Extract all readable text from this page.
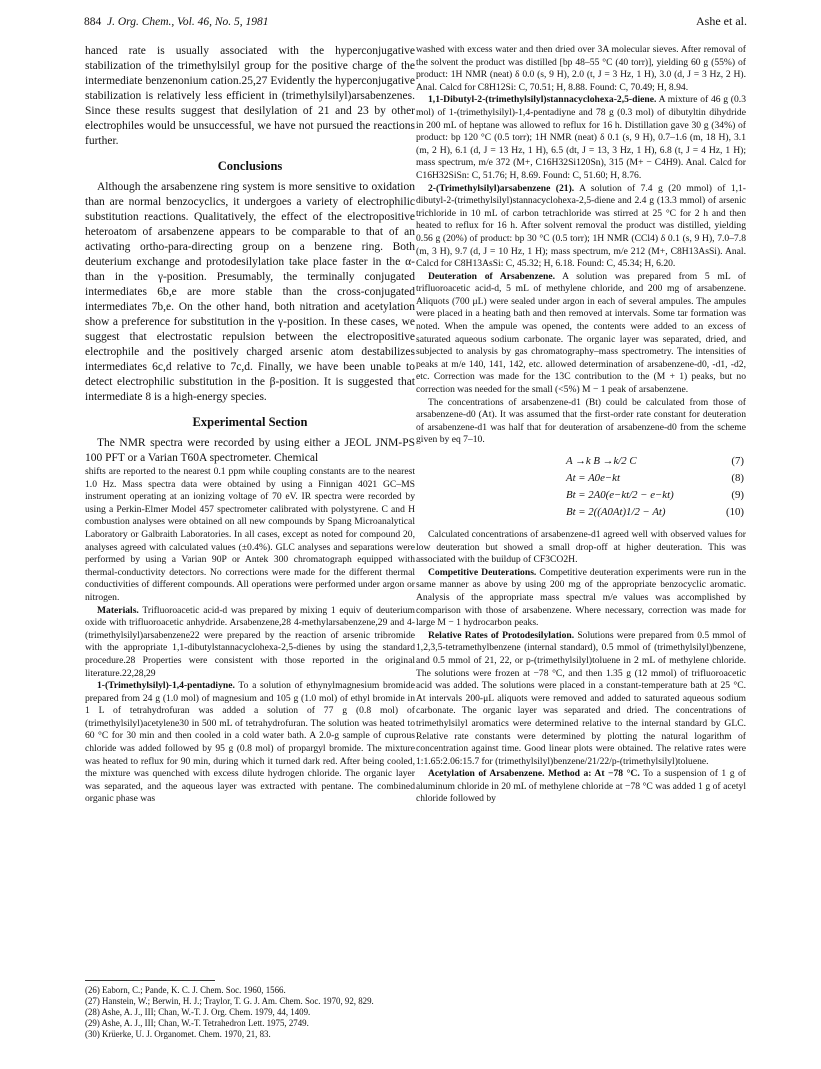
884 J. Org. Chem., Vol. 46, No. 5, 1981	Ashe et al.

hanced rate is usually associated with the hyperconjugative stabilization of the trimethylsilyl group for the positive charge of the intermediate benzenonium cation.25,27 Evidently the hyperconjugative stabilization is relatively less efficient in (trimethylsilyl)arsabenzenes. Since these results suggest that desilylation of 21 and 23 by other electrophiles would be unsuccessful, we have not pursued the reactions further.

Conclusions

Although the arsabenzene ring system is more sensitive to oxidation than are normal benzocyclics, it undergoes a variety of electrophilic substitution reactions. Qualitatively, the effect of the electropositive heteroatom of arsabenzene appears to be comparable to that of an activating ortho-para-directing group on a benzene ring. Both deuterium exchange and protodesilylation take place faster in the α- than in the γ-position. Presumably, the terminally conjugated intermediates 6b,e are more stable than the cross-conjugated intermediates 7b,e. On the other hand, both nitration and acetylation show a preference for substitution in the γ-position. In these cases, we suggest that electrostatic repulsion between the electropositive electrophile and the positively charged arsenic atom destabilizes intermediates 6c,d relative to 7c,d. Finally, we have been unable to detect electrophilic substitution in the β-position. It is suggested that intermediate 8 is a high-energy species.

Experimental Section

The NMR spectra were recorded by using either a JEOL JNM-PS 100 PFT or a Varian T60A spectrometer. Chemical

shifts are reported to the nearest 0.1 ppm while coupling constants are to the nearest 1.0 Hz. Mass spectra data were obtained by using a Finnigan 4021 GC–MS instrument operating at an ionizing voltage of 70 eV. IR spectra were recorded by using a Perkin-Elmer Model 457 spectrometer calibrated with polystyrene. C and H combustion analyses were obtained on all new compounds by Spang Microanalytical Laboratory or Galbraith Laboratories. In all cases, except as noted for compound 20, analyses agreed with calculated values (±0.4%). GLC analyses and separations were performed by using a Varian 90P or Antek 300 chromatograph equipped with thermal-conductivity detectors. No corrections were made for the different thermal conductivities of different compounds. All operations were performed under argon or nitrogen.

Materials. Trifluoroacetic acid-d was prepared by mixing 1 equiv of deuterium oxide with trifluoroacetic anhydride. Arsabenzene,28 4-methylarsabenzene,29 and 4-(trimethylsilyl)arsabenzene22 were prepared by the reaction of arsenic tribromide with the appropriate 1,1-dibutylstannacyclohexa-2,5-dienes by using the standard procedure.28 Properties were consistent with those reported in the original literature.22,28,29

1-(Trimethylsilyl)-1,4-pentadiyne. To a solution of ethynylmagnesium bromide prepared from 24 g (1.0 mol) of magnesium and 105 g (1.0 mol) of ethyl bromide in 1 L of tetrahydrofuran was added a solution of 77 g (0.8 mol) of (trimethylsilyl)acetylene30 in 500 mL of tetrahydrofuran. The solution was heated to 60 °C for 30 min and then cooled in a cold water bath. A 2.0-g sample of cuprous chloride was added followed by 95 g (0.8 mol) of propargyl bromide. The mixture was heated to reflux for 90 min, during which it turned dark red. After being cooled, the mixture was quenched with excess dilute hydrogen chloride. The organic layer was separated, and the aqueous layer was extracted with pentane. The combined organic phase was

(26) Eaborn, C.; Pande, K. C. J. Chem. Soc. 1960, 1566.
(27) Hanstein, W.; Berwin, H. J.; Traylor, T. G. J. Am. Chem. Soc. 1970, 92, 829.
(28) Ashe, A. J., III; Chan, W.-T. J. Org. Chem. 1979, 44, 1409.
(29) Ashe, A. J., III; Chan, W.-T. Tetrahedron Lett. 1975, 2749.
(30) Krüerke, U. J. Organomet. Chem. 1970, 21, 83.

washed with excess water and then dried over 3A molecular sieves. After removal of the solvent the product was distilled [bp 48–55 °C (40 torr)], yielding 60 g (55%) of product: 1H NMR (neat) δ 0.0 (s, 9 H), 2.0 (t, J = 3 Hz, 1 H), 3.0 (d, J = 3 Hz, 2 H). Anal. Calcd for C8H12Si: C, 70.51; H, 8.88. Found: C, 70.49; H, 8.94.

1,1-Dibutyl-2-(trimethylsilyl)stannacyclohexa-2,5-diene. A mixture of 46 g (0.3 mol) of 1-(trimethylsilyl)-1,4-pentadiyne and 78 g (0.3 mol) of dibutyltin dihydride in 200 mL of heptane was allowed to reflux for 16 h. Distillation gave 30 g (34%) of product: bp 120 °C (0.5 torr); 1H NMR (neat) δ 0.1 (s, 9 H), 0.7–1.6 (m, 18 H), 3.1 (m, 2 H), 6.1 (d, J = 13 Hz, 1 H), 6.5 (dt, J = 13, 3 Hz, 1 H), 6.8 (t, J = 4 Hz, 1 H); mass spectrum, m/e 372 (M+, C16H32Si120Sn), 315 (M+ − C4H9). Anal. Calcd for C16H32SiSn: C, 51.76; H, 8.69. Found: C, 51.60; H, 8.76.

2-(Trimethylsilyl)arsabenzene (21). A solution of 7.4 g (20 mmol) of 1,1-dibutyl-2-(trimethylsilyl)stannacyclohexa-2,5-diene and 2.4 g (13.3 mmol) of arsenic trichloride in 10 mL of carbon tetrachloride was stirred at 25 °C for 2 h and then heated to reflux for 16 h. After solvent removal the product was distilled, yielding 0.56 g (20%) of product: bp 30 °C (0.5 torr); 1H NMR (CCl4) δ 0.1 (s, 9 H), 7.0–7.8 (m, 3 H), 9.7 (d, J = 10 Hz, 1 H); mass spectrum, m/e 212 (M+, C8H13AsSi). Anal. Calcd for C8H13AsSi: C, 45.32; H, 6.18. Found: C, 45.34; H, 6.20.

Deuteration of Arsabenzene. A solution was prepared from 5 mL of trifluoroacetic acid-d, 5 mL of methylene chloride, and 200 mg of arsabenzene. Aliquots (700 μL) were sealed under argon in each of several ampules. The ampules were placed in a heating bath and then removed at intervals. Some tar formation was noted. When the ampule was opened, the contents were added to an excess of saturated aqueous sodium carbonate. The organic layer was separated, dried, and subjected to analysis by gas chromatography–mass spectrometry. The intensities of peaks at m/e 140, 141, 142, etc. allowed determination of arsabenzene-d0, -d1, -d2, etc. Correction was made for the 13C contribution to the (M + 1) peaks, but no correction was needed for the small (<5%) M − 1 peak of arsabenzene.

The concentrations of arsabenzene-d1 (Bt) could be calculated from those of arsabenzene-d0 (At). It was assumed that the first-order rate constant for deuteration of arsabenzene-d1 was half that for deuteration of arsabenzene-d0 from the scheme given by eq 7–10.

A →k B →k/2 C	(7)
At = A0e−kt	(8)
Bt = 2A0(e−kt/2 − e−kt)	(9)
Bt = 2((A0At)1/2 − At)	(10)

Calculated concentrations of arsabenzene-d1 agreed well with observed values for low deuteration but showed a small drop-off at higher deuteration. This was associated with the buildup of CF3CO2H.

Competitive Deuterations. Competitive deuteration experiments were run in the same manner as above by using 200 mg of the appropriate benzocyclic aromatic. Analysis of the appropriate mass spectral m/e values was accomplished by comparison with those of arsabenzene. Where necessary, correction was made for large M − 1 hydrocarbon peaks.

Relative Rates of Protodesilylation. Solutions were prepared from 0.5 mmol of 1,2,3,5-tetramethylbenzene (internal standard), 0.5 mmol of (trimethylsilyl)benzene, and 0.5 mmol of 21, 22, or p-(trimethylsilyl)toluene in 2 mL of methylene chloride. The solutions were frozen at −78 °C, and then 1.35 g (12 mmol) of trifluoroacetic acid was added. The solutions were placed in a constant-temperature bath at 25 °C. At intervals 200-μL aliquots were removed and added to saturated aqueous sodium carbonate. The organic layer was separated and dried. The concentrations of trimethylsilyl aromatics were determined relative to the internal standard by GLC. Relative rate constants were determined by plotting the natural logarithm of concentration against time. Good linear plots were obtained. The relative rates were 1:1.65:2.06:15.7 for (trimethylsilyl)benzene/21/22/p-(trimethylsilyl)toluene.

Acetylation of Arsabenzene. Method a: At −78 °C. To a suspension of 1 g of aluminum chloride in 20 mL of methylene chloride at −78 °C was added 1 g of acetyl chloride followed by
